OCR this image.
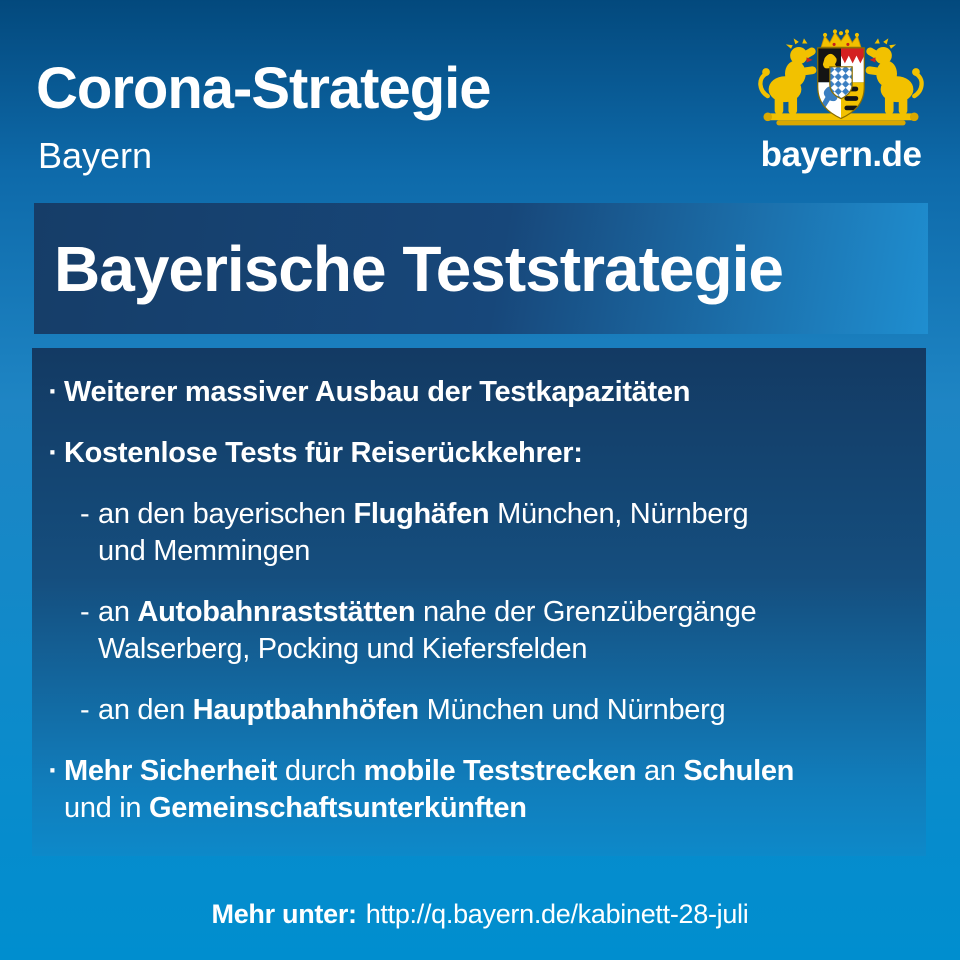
Corona-Strategie

Bayern	bayern.de
Bayerische Teststrategie
· Weiterer massiver Ausbau der Testkapazitäten
· Kostenlose Tests für Reiserückkehrer:
- an den bayerischen Flughäfen München, Nürnberg
und Memmingen
- an Autobahnraststätten nahe der Grenzübergänge
Walserberg, Pocking und Kiefersfelden
- an den Hauptbahnhöfen München und Nürnberg
· Mehr Sicherheit durch mobile Teststrecken an Schulen
und in Gemeinschaftsunterkünften
Mehr unter: http://q.bayern.de/kabinett-28-juli
